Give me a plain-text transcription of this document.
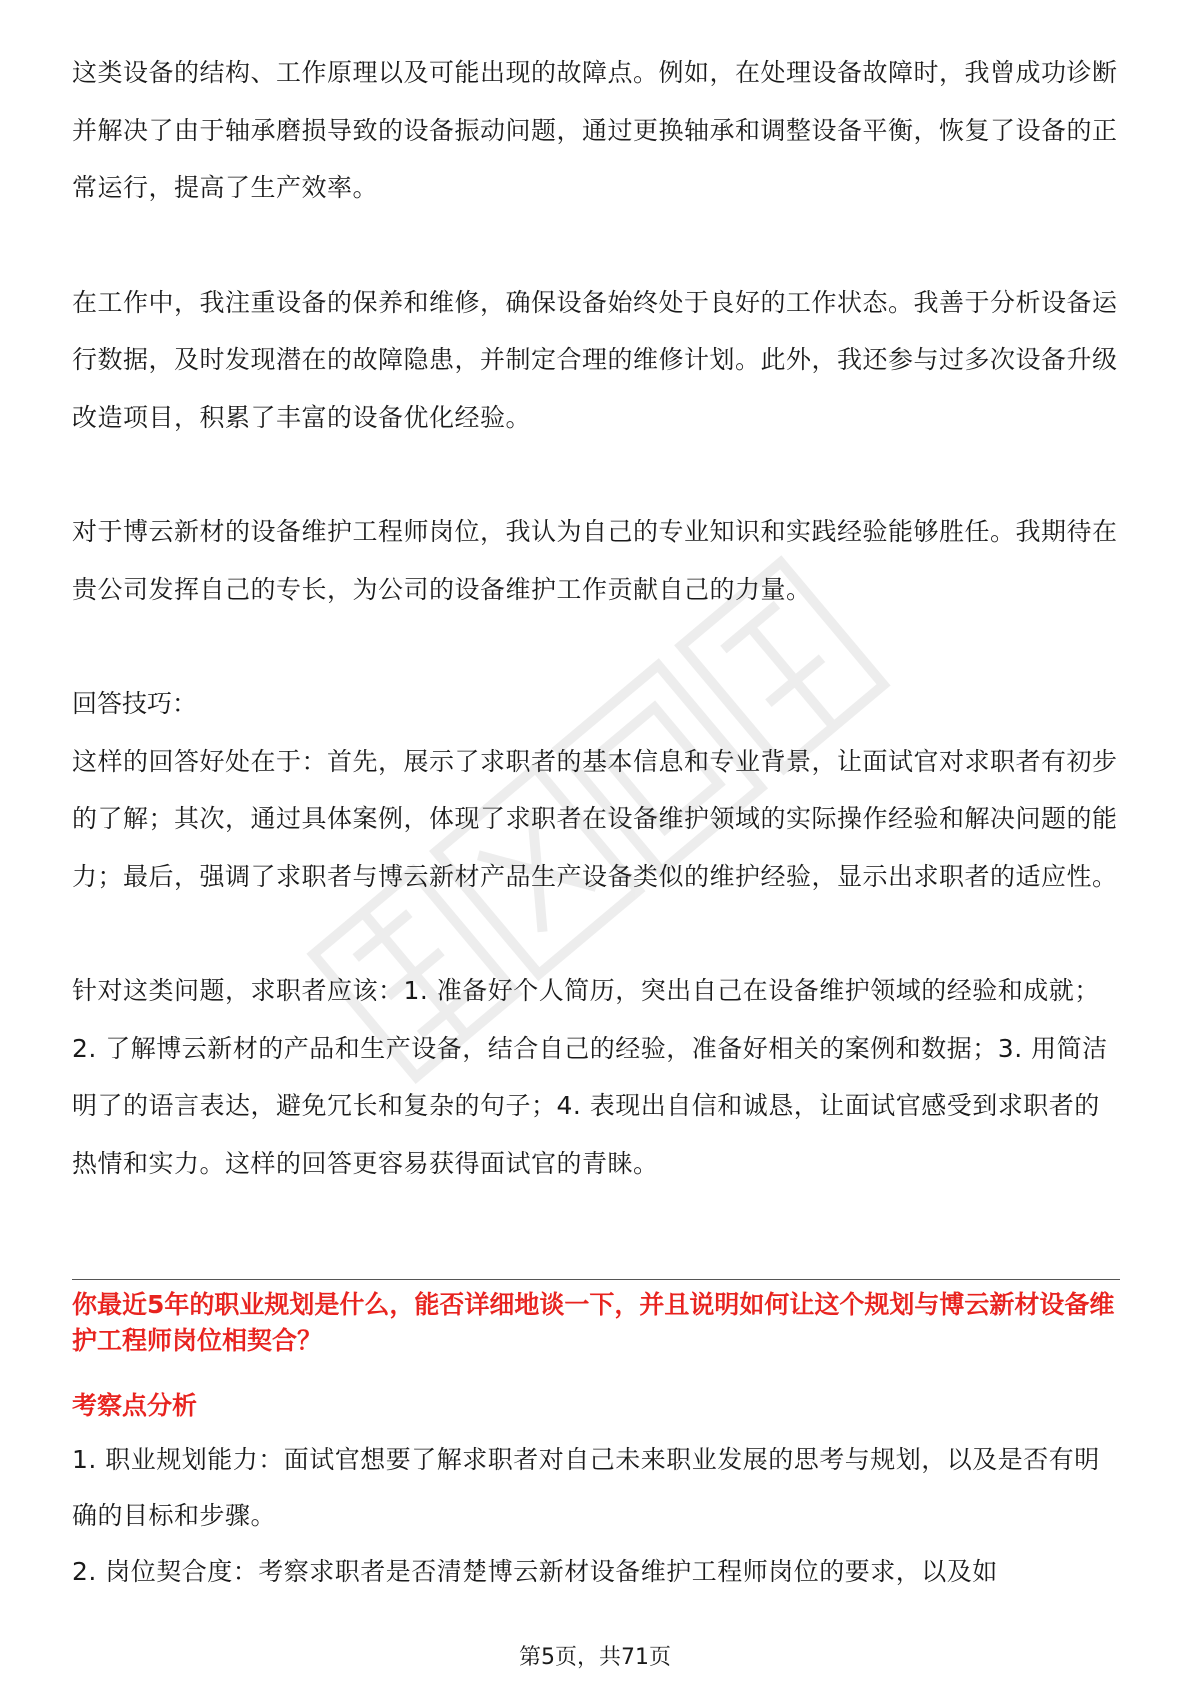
这类设备的结构、工作原理以及可能出现的故障点。例如，在处理设备故障时，我曾成功诊断并解决了由于轴承磨损导致的设备振动问题，通过更换轴承和调整设备平衡，恢复了设备的正常运行，提高了生产效率。

在工作中，我注重设备的保养和维修，确保设备始终处于良好的工作状态。我善于分析设备运行数据，及时发现潜在的故障隐患，并制定合理的维修计划。此外，我还参与过多次设备升级改造项目，积累了丰富的设备优化经验。

对于博云新材的设备维护工程师岗位，我认为自己的专业知识和实践经验能够胜任。我期待在贵公司发挥自己的专长，为公司的设备维护工作贡献自己的力量。

回答技巧：

这样的回答好处在于：首先，展示了求职者的基本信息和专业背景，让面试官对求职者有初步的了解；其次，通过具体案例，体现了求职者在设备维护领域的实际操作经验和解决问题的能力；最后，强调了求职者与博云新材产品生产设备类似的维护经验，显示出求职者的适应性。

针对这类问题，求职者应该：1. 准备好个人简历，突出自己在设备维护领域的经验和成就；2. 了解博云新材的产品和生产设备，结合自己的经验，准备好相关的案例和数据；3. 用简洁明了的语言表达，避免冗长和复杂的句子；4. 表现出自信和诚恳，让面试官感受到求职者的热情和实力。这样的回答更容易获得面试官的青睐。

你最近5年的职业规划是什么，能否详细地谈一下，并且说明如何让这个规划与博云新材设备维护工程师岗位相契合？

考察点分析

1. 职业规划能力：面试官想要了解求职者对自己未来职业发展的思考与规划，以及是否有明确的目标和步骤。

2. 岗位契合度：考察求职者是否清楚博云新材设备维护工程师岗位的要求，以及如

第5页，共71页
